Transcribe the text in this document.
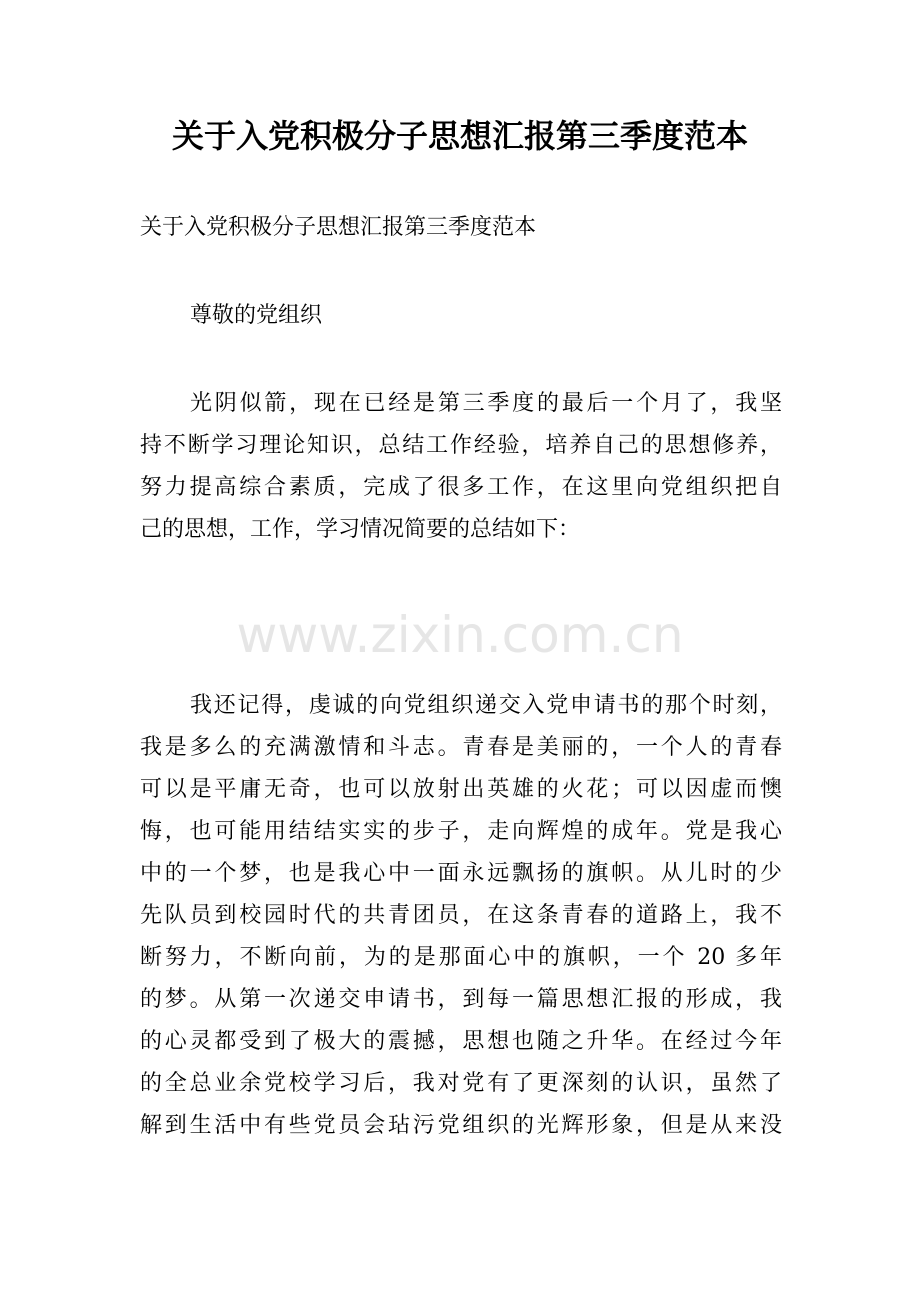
关于入党积极分子思想汇报第三季度范本

关于入党积极分子思想汇报第三季度范本

尊敬的党组织

光阴似箭，现在已经是第三季度的最后一个月了，我坚
持不断学习理论知识，总结工作经验，培养自己的思想修养，
努力提高综合素质，完成了很多工作，在这里向党组织把自
己的思想，工作，学习情况简要的总结如下：
www.zixin.com.cn
我还记得，虔诚的向党组织递交入党申请书的那个时刻，
我是多么的充满激情和斗志。青春是美丽的，一个人的青春
可以是平庸无奇，也可以放射出英雄的火花；可以因虚而懊
悔，也可能用结结实实的步子，走向辉煌的成年。党是我心
中的一个梦，也是我心中一面永远飘扬的旗帜。从儿时的少
先队员到校园时代的共青团员，在这条青春的道路上，我不
断努力，不断向前，为的是那面心中的旗帜，一个 20 多年
的梦。从第一次递交申请书，到每一篇思想汇报的形成，我
的心灵都受到了极大的震撼，思想也随之升华。在经过今年
的全总业余党校学习后，我对党有了更深刻的认识，虽然了
解到生活中有些党员会玷污党组织的光辉形象，但是从来没
